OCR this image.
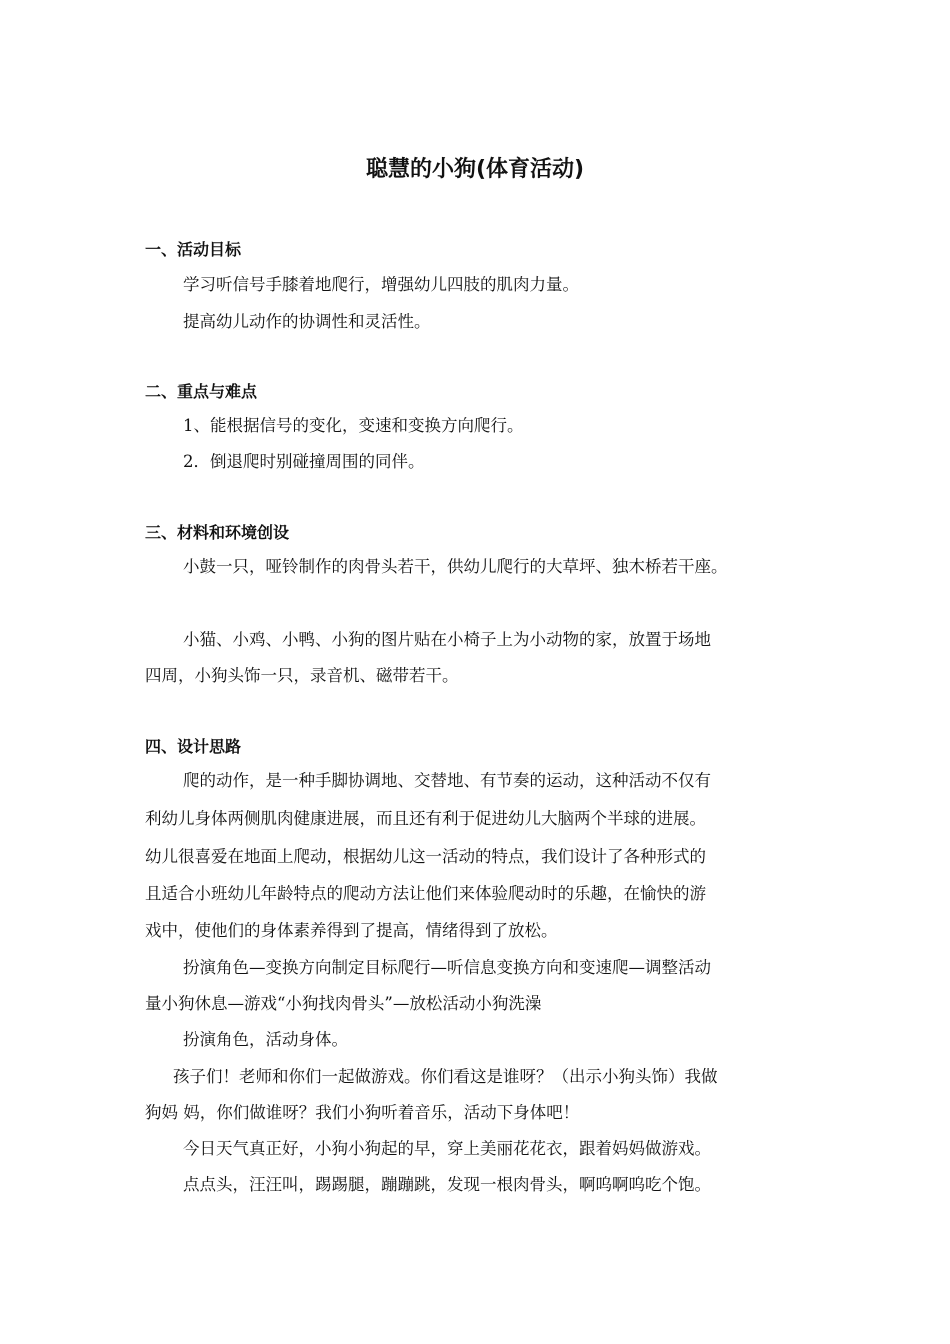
聪慧的小狗(体育活动)
一、活动目标
学习听信号手膝着地爬行，增强幼儿四肢的肌肉力量。
提高幼儿动作的协调性和灵活性。
二、重点与难点
1、能根据信号的变化，变速和变换方向爬行。
2．倒退爬时别碰撞周围的同伴。
三、材料和环境创设
小鼓一只，哑铃制作的肉骨头若干，供幼儿爬行的大草坪、独木桥若干座。
小猫、小鸡、小鸭、小狗的图片贴在小椅子上为小动物的家，放置于场地
四周，小狗头饰一只，录音机、磁带若干。
四、设计思路
爬的动作，是一种手脚协调地、交替地、有节奏的运动，这种活动不仅有
利幼儿身体两侧肌肉健康进展，而且还有利于促进幼儿大脑两个半球的进展。
幼儿很喜爱在地面上爬动，根据幼儿这一活动的特点，我们设计了各种形式的
且适合小班幼儿年龄特点的爬动方法让他们来体验爬动时的乐趣，在愉快的游
戏中，使他们的身体素养得到了提高，情绪得到了放松。
扮演角色—变换方向制定目标爬行—听信息变换方向和变速爬—调整活动
量小狗休息—游戏“小狗找肉骨头”—放松活动小狗洗澡
扮演角色，活动身体。
孩子们！老师和你们一起做游戏。你们看这是谁呀？（出示小狗头饰）我做
狗妈 妈，你们做谁呀？我们小狗听着音乐，活动下身体吧！
今日天气真正好，小狗小狗起的早，穿上美丽花花衣，跟着妈妈做游戏。
点点头，汪汪叫，踢踢腿，蹦蹦跳，发现一根肉骨头，啊呜啊呜吃个饱。
